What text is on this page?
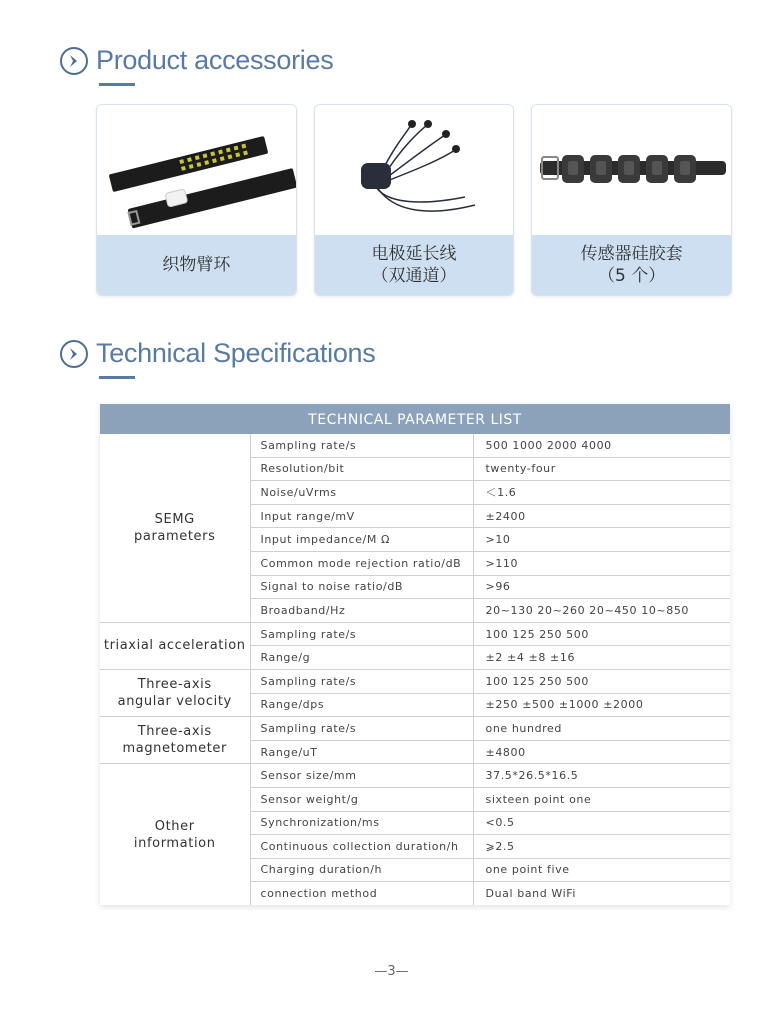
Product accessories
织物臂环
电极延长线
（双通道）
传感器硅胶套
（5 个）
Technical Specifications
TECHNICAL PARAMETER LIST
SEMG
parameters	Sampling rate/s	500 1000 2000 4000
	Resolution/bit	twenty-four
	Noise/uVrms	＜1.6
	Input range/mV	±2400
	Input impedance/M Ω	>10
	Common mode rejection ratio/dB	>110
	Signal to noise ratio/dB	>96
	Broadband/Hz	20~130 20~260 20~450 10~850
triaxial acceleration	Sampling rate/s	100 125 250 500
	Range/g	±2 ±4 ±8 ±16
Three-axis
angular velocity	Sampling rate/s	100 125 250 500
	Range/dps	±250 ±500 ±1000 ±2000
Three-axis
magnetometer	Sampling rate/s	one hundred
	Range/uT	±4800
Other
information	Sensor size/mm	37.5*26.5*16.5
	Sensor weight/g	sixteen point one
	Synchronization/ms	<0.5
	Continuous collection duration/h	⩾2.5
	Charging duration/h	one point five
	connection method	Dual band WiFi
—3—
